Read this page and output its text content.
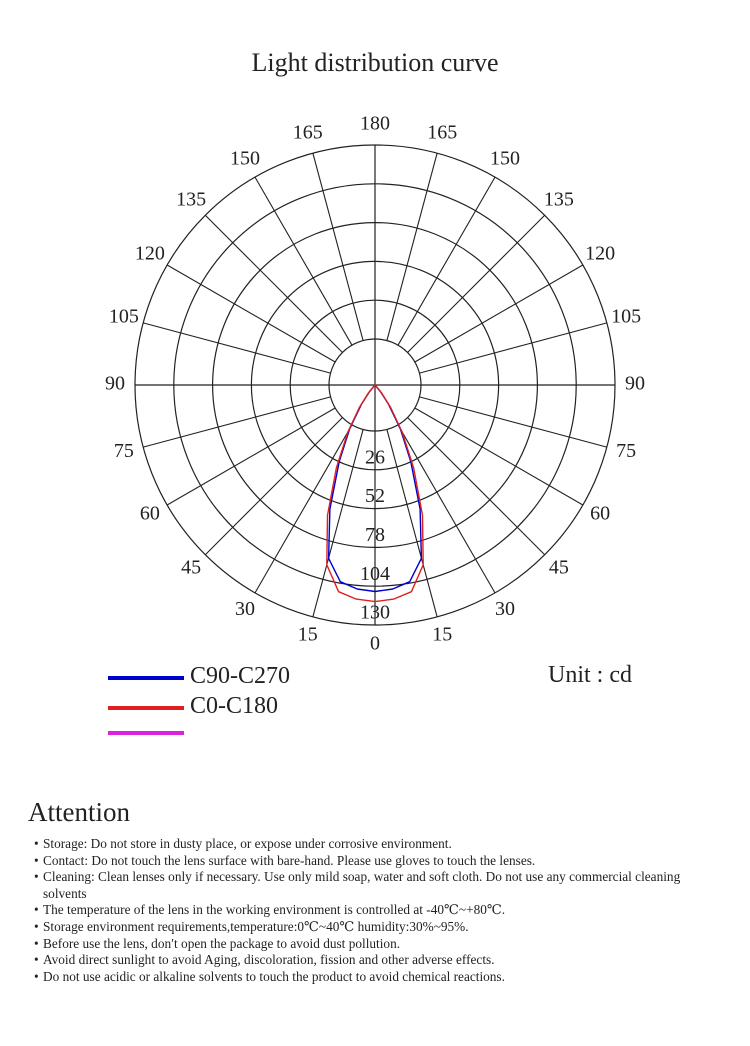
Light distribution curve
180
0
165	165
150	150
135	135
120	120
105	105
90	90
75	75
60	60
45	45
30	30
15	15
26
52
78
104
130
C90-C270
C0-C180
Unit : cd
Attention
• Storage: Do not store in dusty place, or expose under corrosive environment.
• Contact: Do not touch the lens surface with bare-hand. Please use gloves to touch the lenses.
• Cleaning: Clean lenses only if necessary. Use only mild soap, water and soft cloth. Do not use any commercial cleaning solvents
• The temperature of the lens in the working environment is controlled at -40℃~+80℃.
• Storage environment requirements,temperature:0℃~40℃ humidity:30%~95%.
• Before use the lens, don′t open the package to avoid dust pollution.
• Avoid direct sunlight to avoid Aging, discoloration, fission and other adverse effects.
• Do not use acidic or alkaline solvents to touch the product to avoid chemical reactions.
